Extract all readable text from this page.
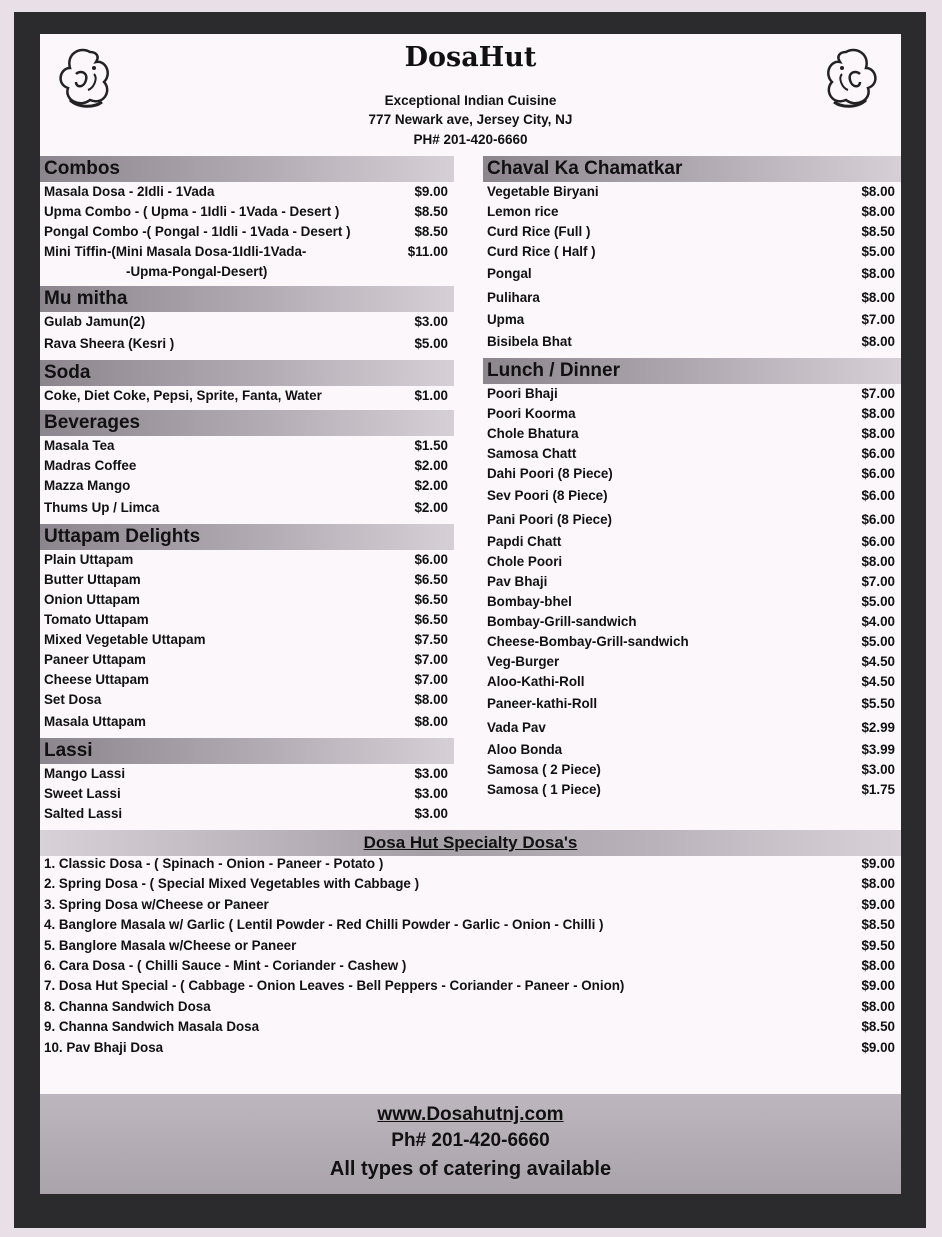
DosaHut
Exceptional Indian Cuisine
777 Newark ave, Jersey City, NJ
PH# 201-420-6660
Combos
Masala Dosa - 2Idli - 1Vada	$9.00
Upma Combo - ( Upma - 1Idli - 1Vada - Desert )	$8.50
Pongal Combo -( Pongal - 1Idli - 1Vada - Desert )	$8.50
Mini Tiffin-(Mini Masala Dosa-1Idli-1Vada-	$11.00
-Upma-Pongal-Desert)
Mu mitha
Gulab Jamun(2)	$3.00
Rava Sheera (Kesri )	$5.00
Soda
Coke, Diet Coke, Pepsi, Sprite, Fanta, Water	$1.00
Beverages
Masala Tea	$1.50
Madras Coffee	$2.00
Mazza Mango	$2.00
Thums Up / Limca	$2.00
Uttapam Delights
Plain Uttapam	$6.00
Butter Uttapam	$6.50
Onion Uttapam	$6.50
Tomato Uttapam	$6.50
Mixed Vegetable Uttapam	$7.50
Paneer Uttapam	$7.00
Cheese Uttapam	$7.00
Set Dosa	$8.00
Masala Uttapam	$8.00
Lassi
Mango Lassi	$3.00
Sweet Lassi	$3.00
Salted Lassi	$3.00
Chaval Ka Chamatkar
Vegetable Biryani	$8.00
Lemon rice	$8.00
Curd Rice (Full )	$8.50
Curd Rice ( Half )	$5.00
Pongal	$8.00
Pulihara	$8.00
Upma	$7.00
Bisibela Bhat	$8.00
Lunch / Dinner
Poori Bhaji	$7.00
Poori Koorma	$8.00
Chole Bhatura	$8.00
Samosa Chatt	$6.00
Dahi Poori (8 Piece)	$6.00
Sev Poori (8 Piece)	$6.00
Pani Poori (8 Piece)	$6.00
Papdi Chatt	$6.00
Chole Poori	$8.00
Pav Bhaji	$7.00
Bombay-bhel	$5.00
Bombay-Grill-sandwich	$4.00
Cheese-Bombay-Grill-sandwich	$5.00
Veg-Burger	$4.50
Aloo-Kathi-Roll	$4.50
Paneer-kathi-Roll	$5.50
Vada Pav	$2.99
Aloo Bonda	$3.99
Samosa ( 2 Piece)	$3.00
Samosa ( 1 Piece)	$1.75
Dosa Hut Specialty Dosa's
1. Classic Dosa - ( Spinach - Onion - Paneer - Potato )	$9.00
2. Spring Dosa - ( Special Mixed Vegetables with Cabbage )	$8.00
3. Spring Dosa w/Cheese or Paneer	$9.00
4. Banglore Masala w/ Garlic ( Lentil Powder - Red Chilli Powder - Garlic - Onion - Chilli )	$8.50
5. Banglore Masala w/Cheese or Paneer	$9.50
6. Cara Dosa - ( Chilli Sauce - Mint - Coriander - Cashew )	$8.00
7. Dosa Hut Special - ( Cabbage - Onion Leaves - Bell Peppers - Coriander - Paneer - Onion)	$9.00
8. Channa Sandwich Dosa	$8.00
9. Channa Sandwich Masala Dosa	$8.50
10. Pav Bhaji Dosa	$9.00
www.Dosahutnj.com
Ph# 201-420-6660
All types of catering available
